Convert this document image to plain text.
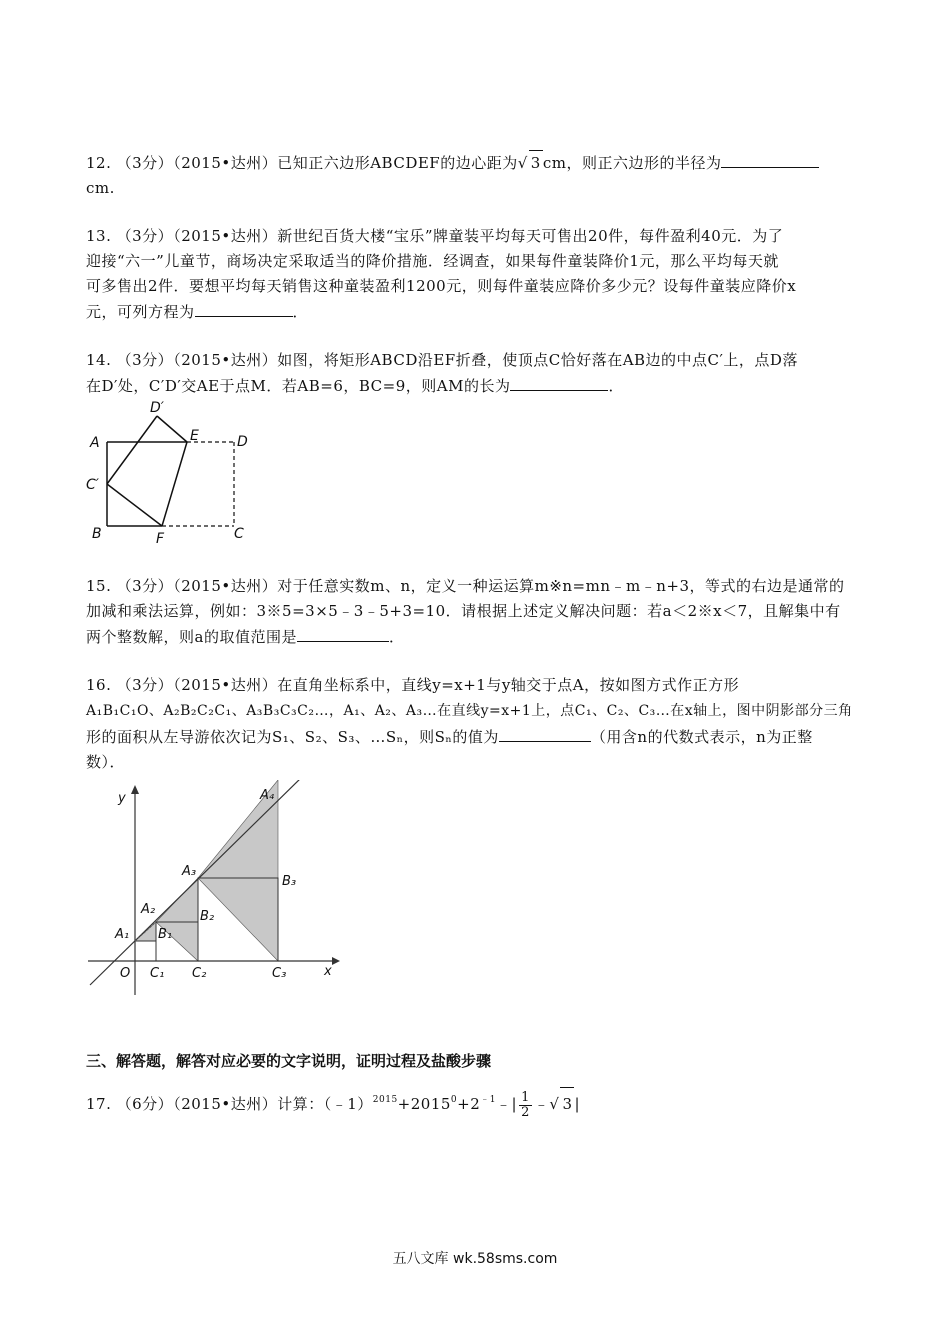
12. （3分）（2015•达州）已知正六边形ABCDEF的边心距为√ 3 cm，则正六边形的半径为
cm.
13. （3分）（2015•达州）新世纪百货大楼“宝乐”牌童装平均每天可售出20件，每件盈利40元．为了
迎接“六一”儿童节，商场决定采取适当的降价措施．经调查，如果每件童装降价1元，那么平均每天就
可多售出2件．要想平均每天销售这种童装盈利1200元，则每件童装应降价多少元？设每件童装应降价x
元，可列方程为	．
14. （3分）（2015•达州）如图，将矩形ABCD沿EF折叠，使顶点C恰好落在AB边的中点C′上，点D落
在D′处，C′D′交AE于点M．若AB=6，BC=9，则AM的长为	．
A
C′
B	F	C
D
E
D′
15. （3分）（2015•达州）对于任意实数m、n，定义一种运运算m※n=mn﹣m﹣n+3，等式的右边是通常的
加减和乘法运算，例如：3※5=3×5﹣3﹣5+3=10．请根据上述定义解决问题：若a＜2※x＜7，且解集中有
两个整数解，则a的取值范围是	．
16. （3分）（2015•达州）在直角坐标系中，直线y=x+1与y轴交于点A，按如图方式作正方形
A₁B₁C₁O、A₂B₂C₂C₁、A₃B₃C₃C₂…，A₁、A₂、A₃…在直线y=x+1上，点C₁、C₂、C₃…在x轴上，图中阴影部分三角
形的面积从左导游依次记为S₁、S₂、S₃、…Sₙ，则Sₙ的值为	（用含n的代数式表示，n为正整
数）．
y
x
O
A₁
A₂
A₃
A₄
B₁
B₂
B₃
C₁ C₂	C₃
三、解答题，解答对应必要的文字说明，证明过程及盐酸步骤
17. （6分）（2015•达州）计算：$(﹣1)^{2015}+2015^0+2^{﹣1}﹣| \frac{1}{2}$ ﹣√ 3 |
五八文库 wk.58sms.com
